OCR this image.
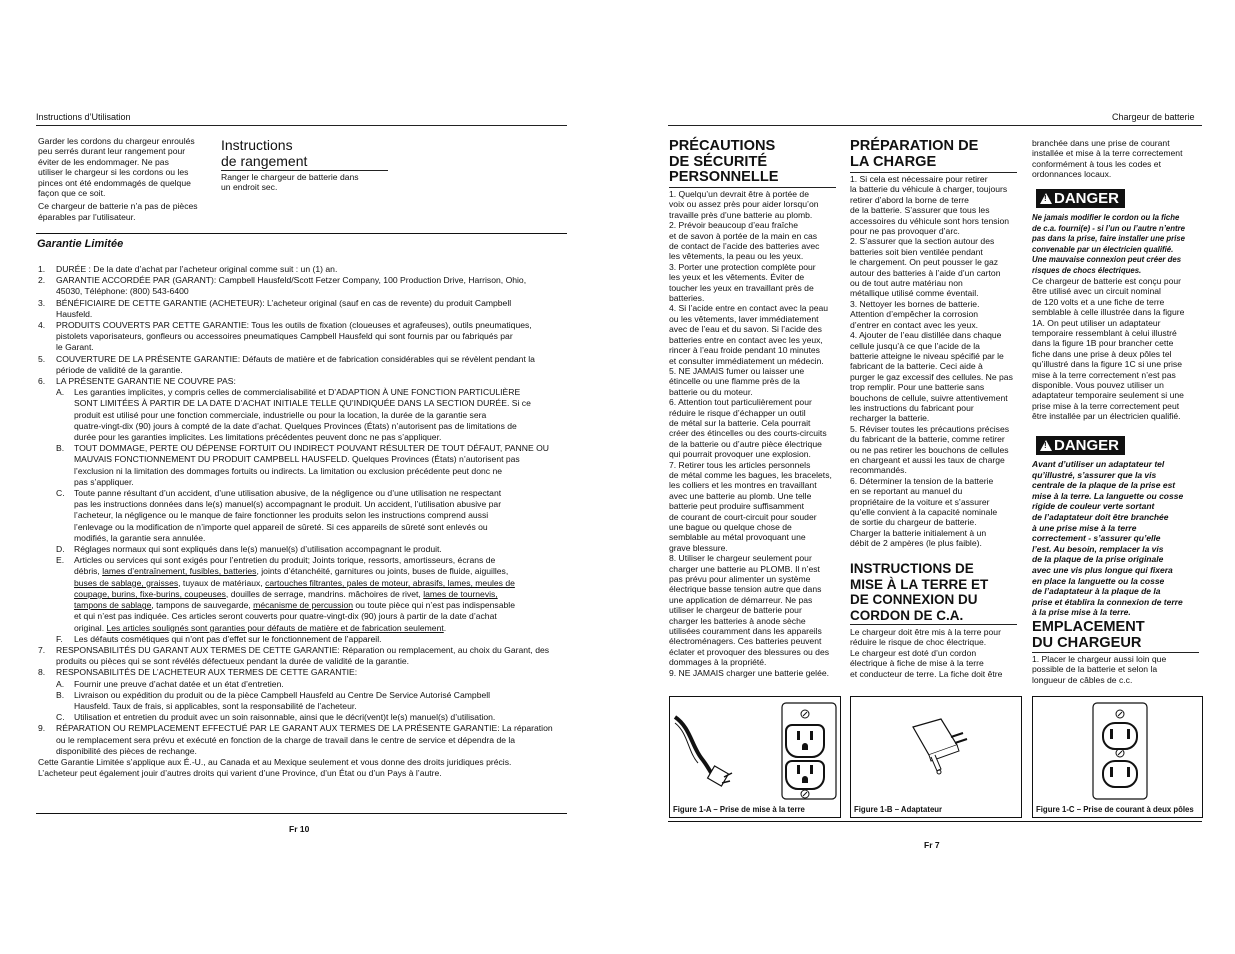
Instructions d’Utilisation
Garder les cordons du chargeur enroulés
peu serrés durant leur rangement pour
éviter de les endommager. Ne pas
utiliser le chargeur si les cordons ou les
pinces ont été endommagés de quelque
façon que ce soit.
Ce chargeur de batterie n’a pas de pièces
éparables par l’utilisateur.
Instructions
de rangement
Ranger le chargeur de batterie dans
un endroit sec.
Garantie Limitée
1. DURÉE : De la date d’achat par l’acheteur original comme suit : un (1) an.
2. GARANTIE ACCORDÉE PAR (GARANT): Campbell Hausfeld/Scott Fetzer Company, 100 Production Drive, Harrison, Ohio,
45030, Téléphone: (800) 543-6400
3. BÉNÉFICIAIRE DE CETTE GARANTIE (ACHETEUR): L’acheteur original (sauf en cas de revente) du produit Campbell
Hausfeld.
4. PRODUITS COUVERTS PAR CETTE GARANTIE: Tous les outils de fixation (cloueuses et agrafeuses), outils pneumatiques,
pistolets vaporisateurs, gonfleurs ou accessoires pneumatiques Campbell Hausfeld qui sont fournis par ou fabriqués par
le Garant.
5. COUVERTURE DE LA PRÉSENTE GARANTIE: Défauts de matière et de fabrication considérables qui se révèlent pendant la
période de validité de la garantie.
6. LA PRÉSENTE GARANTIE NE COUVRE PAS:
A. Les garanties implicites, y compris celles de commercialisabilité et D’ADAPTION À UNE FONCTION PARTICULIÈRE
SONT LIMITÉES À PARTIR DE LA DATE D’ACHAT INITIALE TELLE QU’INDIQUÉE DANS LA SECTION DURÉE. Si ce
produit est utilisé pour une fonction commerciale, industrielle ou pour la location, la durée de la garantie sera
quatre-vingt-dix (90) jours à compté de la date d’achat. Quelques Provinces (États) n’autorisent pas de limitations de
durée pour les garanties implicites. Les limitations précédentes peuvent donc ne pas s’appliquer.
B. TOUT DOMMAGE, PERTE OU DÉPENSE FORTUIT OU INDIRECT POUVANT RÉSULTER DE TOUT DÉFAUT, PANNE OU
MAUVAIS FONCTIONNEMENT DU PRODUIT CAMPBELL HAUSFELD. Quelques Provinces (États) n’autorisent pas
l’exclusion ni la limitation des dommages fortuits ou indirects. La limitation ou exclusion précédente peut donc ne
pas s’appliquer.
C. Toute panne résultant d’un accident, d’une utilisation abusive, de la négligence ou d’une utilisation ne respectant
pas les instructions données dans le(s) manuel(s) accompagnant le produit. Un accident, l’utilisation abusive par
l’acheteur, la négligence ou le manque de faire fonctionner les produits selon les instructions comprend aussi
l’enlevage ou la modification de n’importe quel appareil de sûreté. Si ces appareils de sûreté sont enlevés ou
modifiés, la garantie sera annulée.
D. Réglages normaux qui sont expliqués dans le(s) manuel(s) d’utilisation accompagnant le produit.
E. Articles ou services qui sont exigés pour l’entretien du produit; Joints torique, ressorts, amortisseurs, écrans de
débris, lames d’entraînement, fusibles, batteries, joints d’étanchéité, garnitures ou joints, buses de fluide, aiguilles,
buses de sablage, graisses, tuyaux de matériaux, cartouches filtrantes, pales de moteur, abrasifs, lames, meules de
coupage, burins, fixe-burins, coupeuses, douilles de serrage, mandrins. mâchoires de rivet, lames de tournevis,
tampons de sablage, tampons de sauvegarde, mécanisme de percussion ou toute pièce qui n’est pas indispensable
et qui n’est pas indiquée. Ces articles seront couverts pour quatre-vingt-dix (90) jours à partir de la date d’achat
original. Les articles soulignés sont garanties pour défauts de matière et de fabrication seulement.
F. Les défauts cosmétiques qui n’ont pas d’effet sur le fonctionnement de l’appareil.
7. RESPONSABILITÉS DU GARANT AUX TERMES DE CETTE GARANTIE: Réparation ou remplacement, au choix du Garant, des
produits ou pièces qui se sont révélés défectueux pendant la durée de validité de la garantie.
8. RESPONSABILITÉS DE L’ACHETEUR AUX TERMES DE CETTE GARANTIE:
A. Fournir une preuve d’achat datée et un état d’entretien.
B. Livraison ou expédition du produit ou de la pièce Campbell Hausfeld au Centre De Service Autorisé Campbell
Hausfeld. Taux de frais, si applicables, sont la responsabilité de l’acheteur.
C. Utilisation et entretien du produit avec un soin raisonnable, ainsi que le décri(vent)t le(s) manuel(s) d’utilisation.
9. RÉPARATION OU REMPLACEMENT EFFECTUÉ PAR LE GARANT AUX TERMES DE LA PRÉSENTE GARANTIE: La réparation
ou le remplacement sera prévu et exécuté en fonction de la charge de travail dans le centre de service et dépendra de la
disponibilité des pièces de rechange.
Cette Garantie Limitée s’applique aux É.-U., au Canada et au Mexique seulement et vous donne des droits juridiques précis.
L’acheteur peut également jouir d’autres droits qui varient d’une Province, d’un État ou d’un Pays à l’autre.
Fr 10
Chargeur de batterie
PRÉCAUTIONS
DE SÉCURITÉ
PERSONNELLE
1. Quelqu’un devrait être à portée de
voix ou assez près pour aider lorsqu’on
travaille près d’une batterie au plomb.
2. Prévoir beaucoup d’eau fraîche
et de savon à portée de la main en cas
de contact de l’acide des batteries avec
les vêtements, la peau ou les yeux.
3. Porter une protection complète pour
les yeux et les vêtements. Éviter de
toucher les yeux en travaillant près de
batteries.
4. Si l’acide entre en contact avec la peau
ou les vêtements, laver immédiatement
avec de l’eau et du savon. Si l’acide des
batteries entre en contact avec les yeux,
rincer à l’eau froide pendant 10 minutes
et consulter immédiatement un médecin.
5. NE JAMAIS fumer ou laisser une
étincelle ou une flamme près de la
batterie ou du moteur.
6. Attention tout particulièrement pour
réduire le risque d’échapper un outil
de métal sur la batterie. Cela pourrait
créer des étincelles ou des courts-circuits
de la batterie ou d’autre pièce électrique
qui pourrait provoquer une explosion.
7. Retirer tous les articles personnels
de métal comme les bagues, les bracelets,
les colliers et les montres en travaillant
avec une batterie au plomb. Une telle
batterie peut produire suffisamment
de courant de court-circuit pour souder
une bague ou quelque chose de
semblable au métal provoquant une
grave blessure.
8. Utiliser le chargeur seulement pour
charger une batterie au PLOMB. Il n’est
pas prévu pour alimenter un système
électrique basse tension autre que dans
une application de démarreur. Ne pas
utiliser le chargeur de batterie pour
charger les batteries à anode sèche
utilisées couramment dans les appareils
électroménagers. Ces batteries peuvent
éclater et provoquer des blessures ou des
dommages à la propriété.
9. NE JAMAIS charger une batterie gelée.
PRÉPARATION DE
LA CHARGE
1. Si cela est nécessaire pour retirer
la batterie du véhicule à charger, toujours
retirer d’abord la borne de terre
de la batterie. S’assurer que tous les
accessoires du véhicule sont hors tension
pour ne pas provoquer d’arc.
2. S’assurer que la section autour des
batteries soit bien ventilée pendant
le chargement. On peut pousser le gaz
autour des batteries à l’aide d’un carton
ou de tout autre matériau non
métallique utilisé comme éventail.
3. Nettoyer les bornes de batterie.
Attention d’empêcher la corrosion
d’entrer en contact avec les yeux.
4. Ajouter de l’eau distillée dans chaque
cellule jusqu’à ce que l’acide de la
batterie atteigne le niveau spécifié par le
fabricant de la batterie. Ceci aide à
purger le gaz excessif des cellules. Ne pas
trop remplir. Pour une batterie sans
bouchons de cellule, suivre attentivement
les instructions du fabricant pour
recharger la batterie.
5. Réviser toutes les précautions précises
du fabricant de la batterie, comme retirer
ou ne pas retirer les bouchons de cellules
en chargeant et aussi les taux de charge
recommandés.
6. Déterminer la tension de la batterie
en se reportant au manuel du
propriétaire de la voiture et s’assurer
qu’elle convient à la capacité nominale
de sortie du chargeur de batterie.
Charger la batterie initialement à un
débit de 2 ampères (le plus faible).
INSTRUCTIONS DE
MISE À LA TERRE ET
DE CONNEXION DU
CORDON DE C.A.
Le chargeur doit être mis à la terre pour
réduire le risque de choc électrique.
Le chargeur est doté d’un cordon
électrique à fiche de mise à la terre
et conducteur de terre. La fiche doit être
branchée dans une prise de courant
installée et mise à la terre correctement
conformément à tous les codes et
ordonnances locaux.
!DANGER
Ne jamais modifier le cordon ou la fiche
de c.a. fourni(e) - si l’un ou l’autre n’entre
pas dans la prise, faire installer une prise
convenable par un électricien qualifié.
Une mauvaise connexion peut créer des
risques de chocs électriques.
Ce chargeur de batterie est conçu pour
être utilisé avec un circuit nominal
de 120 volts et a une fiche de terre
semblable à celle illustrée dans la figure
1A. On peut utiliser un adaptateur
temporaire ressemblant à celui illustré
dans la figure 1B pour brancher cette
fiche dans une prise à deux pôles tel
qu’illustré dans la figure 1C si une prise
mise à la terre correctement n’est pas
disponible. Vous pouvez utiliser un
adaptateur temporaire seulement si une
prise mise à la terre correctement peut
être installée par un électricien qualifié.
!DANGER
Avant d’utiliser un adaptateur tel
qu’illustré, s’assurer que la vis
centrale de la plaque de la prise est
mise à la terre. La languette ou cosse
rigide de couleur verte sortant
de l’adaptateur doit être branchée
à une prise mise à la terre
correctement - s’assurer qu’elle
l’est. Au besoin, remplacer la vis
de la plaque de la prise originale
avec une vis plus longue qui fixera
en place la languette ou la cosse
de l’adaptateur à la plaque de la
prise et établira la connexion de terre
à la prise mise à la terre.
EMPLACEMENT
DU CHARGEUR
1. Placer le chargeur aussi loin que
possible de la batterie et selon la
longueur de câbles de c.c.
Figure 1-A – Prise de mise à la terre	Figure 1-B – Adaptateur	Figure 1-C – Prise de courant à deux pôles
Fr 7
